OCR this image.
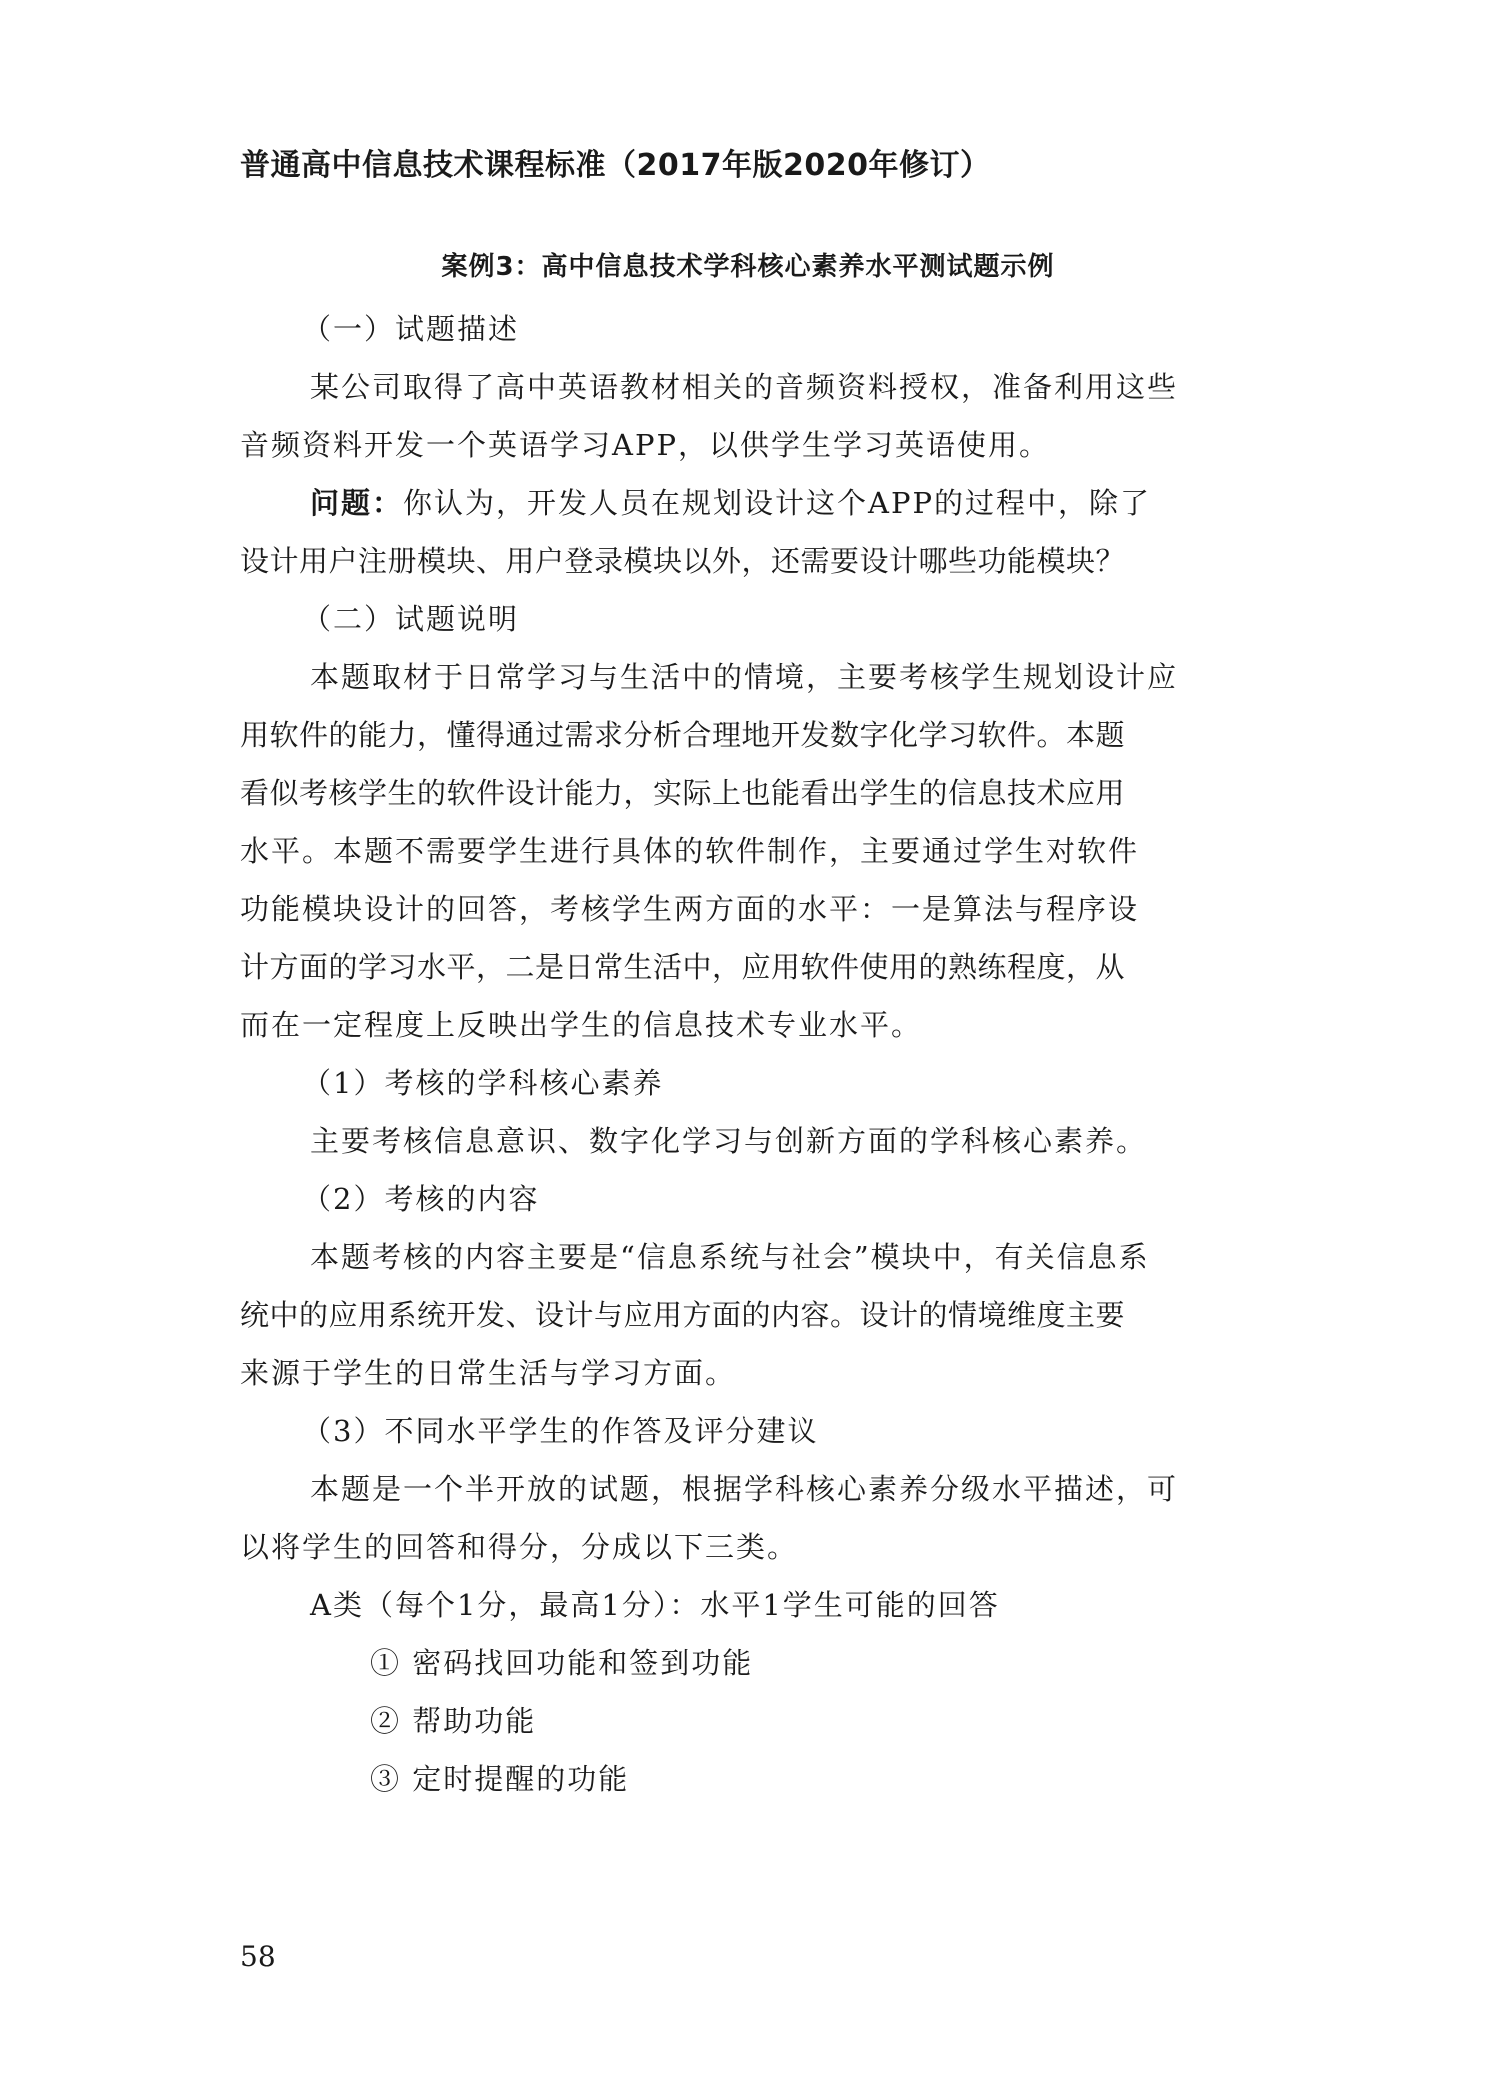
普通高中信息技术课程标准（2017年版2020年修订）
案例3：高中信息技术学科核心素养水平测试题示例
（一）试题描述
某公司取得了高中英语教材相关的音频资料授权，准备利用这些
音频资料开发一个英语学习APP，以供学生学习英语使用。
问题：你认为，开发人员在规划设计这个APP的过程中，除了
设计用户注册模块、用户登录模块以外，还需要设计哪些功能模块？
（二）试题说明
本题取材于日常学习与生活中的情境，主要考核学生规划设计应
用软件的能力，懂得通过需求分析合理地开发数字化学习软件。本题
看似考核学生的软件设计能力，实际上也能看出学生的信息技术应用
水平。本题不需要学生进行具体的软件制作，主要通过学生对软件
功能模块设计的回答，考核学生两方面的水平：一是算法与程序设
计方面的学习水平，二是日常生活中，应用软件使用的熟练程度，从
而在一定程度上反映出学生的信息技术专业水平。
（1）考核的学科核心素养
主要考核信息意识、数字化学习与创新方面的学科核心素养。
（2）考核的内容
本题考核的内容主要是“信息系统与社会”模块中，有关信息系
统中的应用系统开发、设计与应用方面的内容。设计的情境维度主要
来源于学生的日常生活与学习方面。
（3）不同水平学生的作答及评分建议
本题是一个半开放的试题，根据学科核心素养分级水平描述，可
以将学生的回答和得分，分成以下三类。
A类（每个1分，最高1分）：水平1学生可能的回答
① 密码找回功能和签到功能
② 帮助功能
③ 定时提醒的功能
58
